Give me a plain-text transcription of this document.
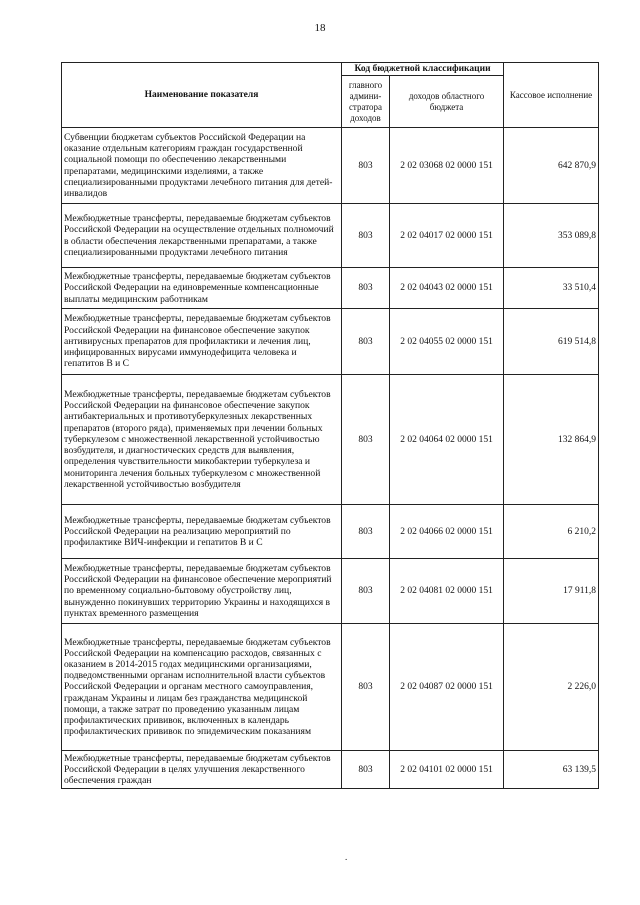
18
Наименование показателя	Код бюджетной классификации		Кассовое исполнение
	главного админи-стратора доходов	доходов областного бюджета	
Субвенции бюджетам субъектов Российской Федерации на оказание отдельным категориям граждан государственной социальной помощи по обеспечению лекарственными препаратами, медицинскими изделиями, а также специализированными продуктами лечебного питания для детей-инвалидов	803	2 02 03068 02 0000 151	642 870,9
Межбюджетные трансферты, передаваемые бюджетам субъектов Российской Федерации на осуществление отдельных полномочий в области обеспечения лекарственными препаратами, а также специализированными продуктами лечебного питания	803	2 02 04017 02 0000 151	353 089,8
Межбюджетные трансферты, передаваемые бюджетам субъектов Российской Федерации на единовременные компенсационные выплаты медицинским работникам	803	2 02 04043 02 0000 151	33 510,4
Межбюджетные трансферты, передаваемые бюджетам субъектов Российской Федерации на финансовое обеспечение закупок антивирусных препаратов для профилактики и лечения лиц, инфицированных вирусами иммунодефицита человека и гепатитов B и C	803	2 02 04055 02 0000 151	619 514,8
Межбюджетные трансферты, передаваемые бюджетам субъектов Российской Федерации на финансовое обеспечение закупок антибактериальных и противотуберкулезных лекарственных препаратов (второго ряда), применяемых при лечении больных туберкулезом с множественной лекарственной устойчивостью возбудителя, и диагностических средств для выявления, определения чувствительности микобактерии туберкулеза и мониторинга лечения больных туберкулезом с множественной лекарственной устойчивостью возбудителя	803	2 02 04064 02 0000 151	132 864,9
Межбюджетные трансферты, передаваемые бюджетам субъектов Российской Федерации на реализацию мероприятий по профилактике ВИЧ-инфекции и гепатитов B и C	803	2 02 04066 02 0000 151	6 210,2
Межбюджетные трансферты, передаваемые бюджетам субъектов Российской Федерации на финансовое обеспечение мероприятий по временному социально-бытовому обустройству лиц, вынужденно покинувших территорию Украины и находящихся в пунктах временного размещения	803	2 02 04081 02 0000 151	17 911,8
Межбюджетные трансферты, передаваемые бюджетам субъектов Российской Федерации на компенсацию расходов, связанных с оказанием в 2014-2015 годах медицинскими организациями, подведомственными органам исполнительной власти субъектов Российской Федерации и органам местного самоуправления, гражданам Украины и лицам без гражданства медицинской помощи, а также затрат по проведению указанным лицам профилактических прививок, включенных в календарь профилактических прививок по эпидемическим показаниям	803	2 02 04087 02 0000 151	2 226,0
Межбюджетные трансферты, передаваемые бюджетам субъектов Российской Федерации в целях улучшения лекарственного обеспечения граждан	803	2 02 04101 02 0000 151	63 139,5
.
